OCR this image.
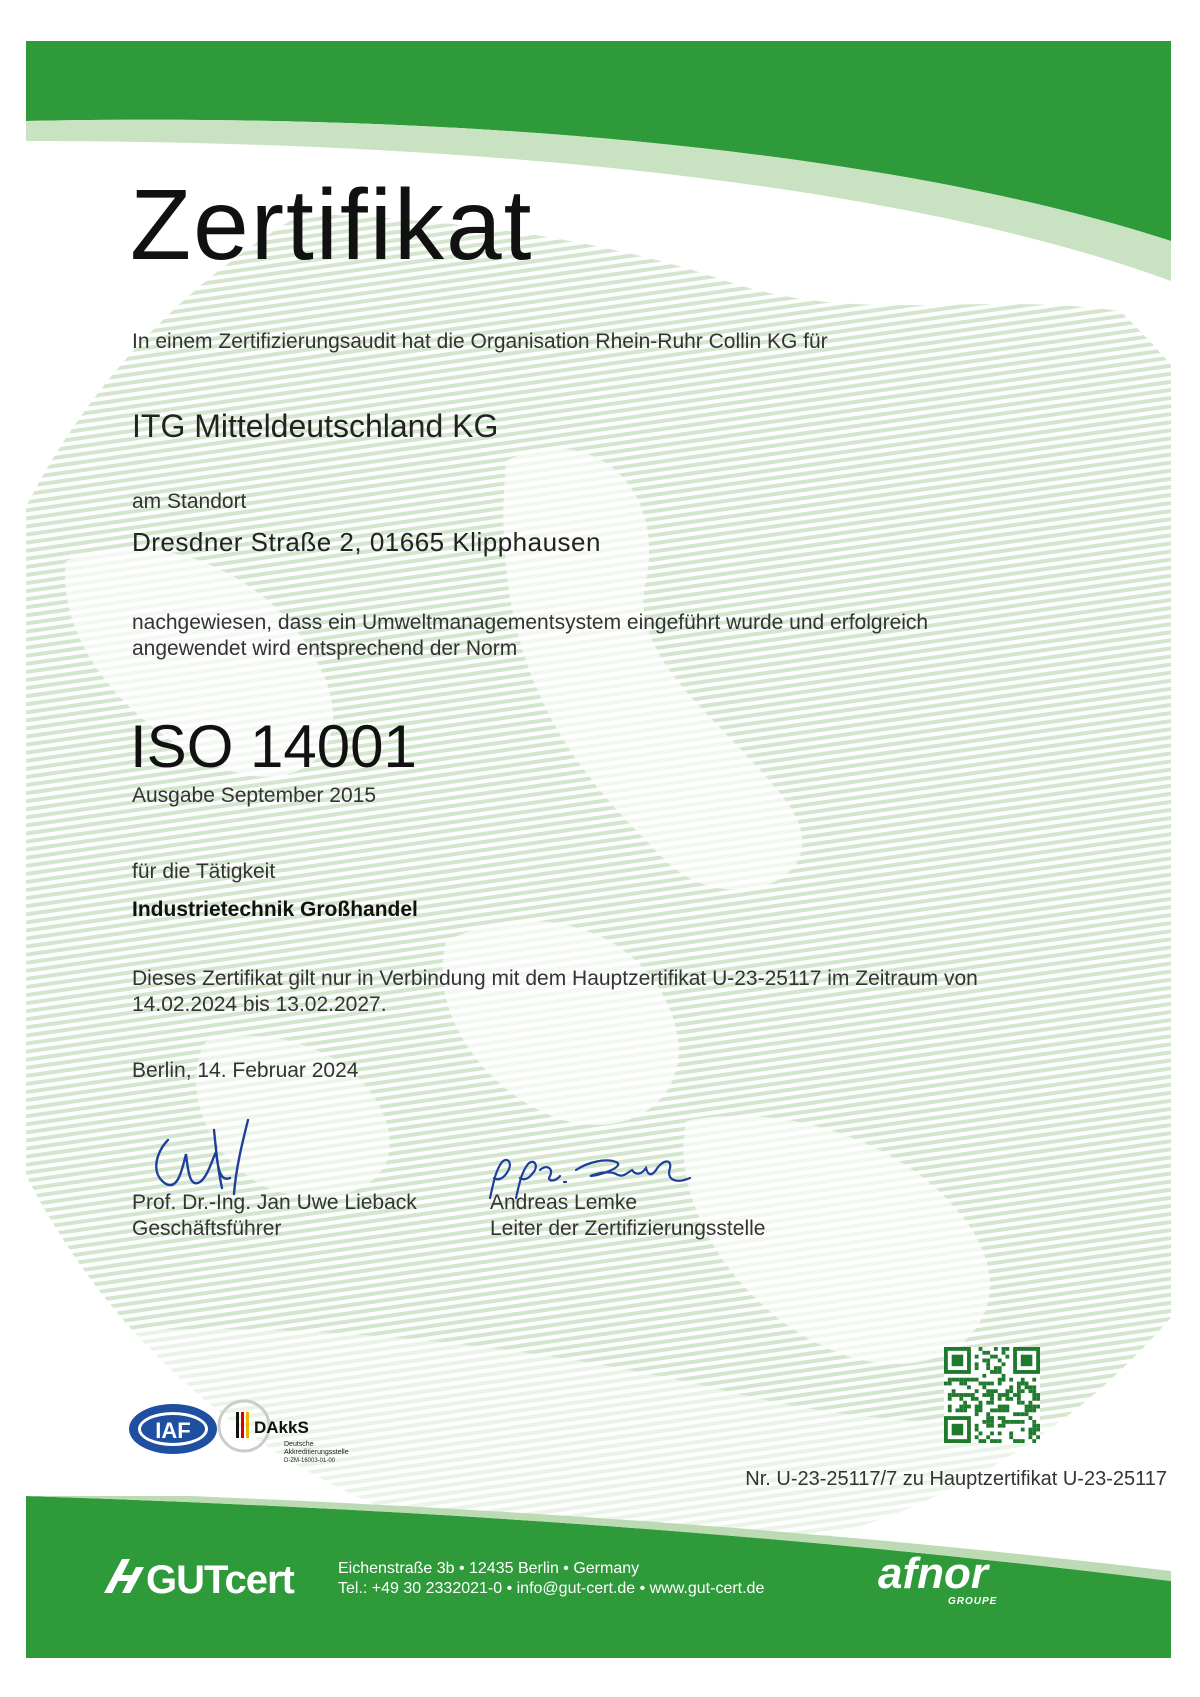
Zertifikat
In einem Zertifizierungsaudit hat die Organisation Rhein-Ruhr Collin KG für
ITG Mitteldeutschland KG
am Standort
Dresdner Straße 2, 01665 Klipphausen
nachgewiesen, dass ein Umweltmanagementsystem eingeführt wurde und erfolgreich angewendet wird entsprechend der Norm
ISO 14001
Ausgabe September 2015
für die Tätigkeit
Industrietechnik Großhandel
Dieses Zertifikat gilt nur in Verbindung mit dem Hauptzertifikat U-23-25117 im Zeitraum von 14.02.2024 bis 13.02.2027.
Berlin, 14. Februar 2024
Prof. Dr.-Ing. Jan Uwe Lieback
Geschäftsführer
Andreas Lemke
Leiter der Zertifizierungsstelle
IAF	DAkkS
Deutsche
Akkreditierungsstelle
D-ZM-16003-01-00
Nr. U-23-25117/7 zu Hauptzertifikat U-23-25117
GUTcert	Eichenstraße 3b • 12435 Berlin • Germany
Tel.: +49 30 2332021-0 • info@gut-cert.de • www.gut-cert.de	afnor
GROUPE
